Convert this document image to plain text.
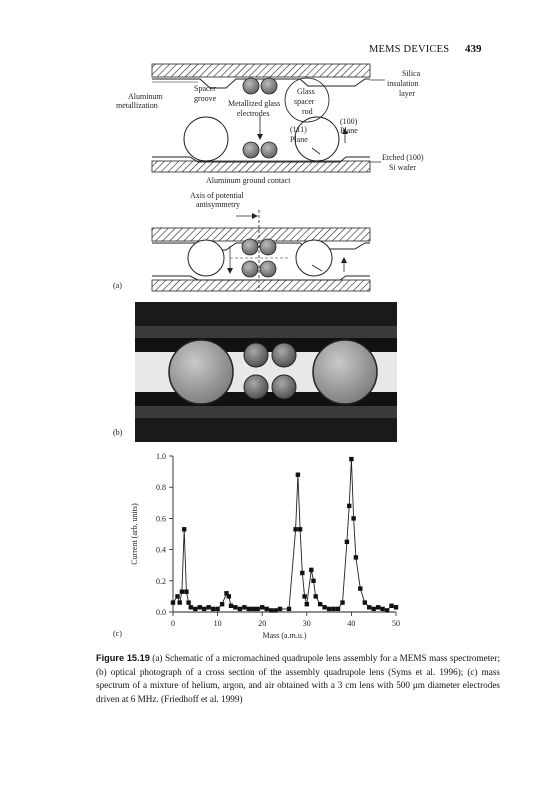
MEMS DEVICES 439
Aluminum
metallization
Spacer
groove
Metallized glass
electrodes
Glass
spacer
rod
Silica
insulation
layer
(100)
Plane
(111)
Plane
Etched (100)
Si wafer
Aluminum ground contact
Axis of potential
antisymmetry
(a)
(b)
0.0
0.2
0.4
0.6
0.8
1.0
0	10	20	30	40	50
Mass (a.m.u.)
Current (arb. units)
(c)
Figure 15.19 (a) Schematic of a micromachined quadrupole lens assembly for a MEMS mass spectrometer; (b) optical photograph of a cross section of the assembly quadrupole lens (Syms et al. 1996); (c) mass spectrum of a mixture of helium, argon, and air obtained with a 3 cm lens with 500 μm diameter electrodes driven at 6 MHz. (Friedhoff et al. 1999)
